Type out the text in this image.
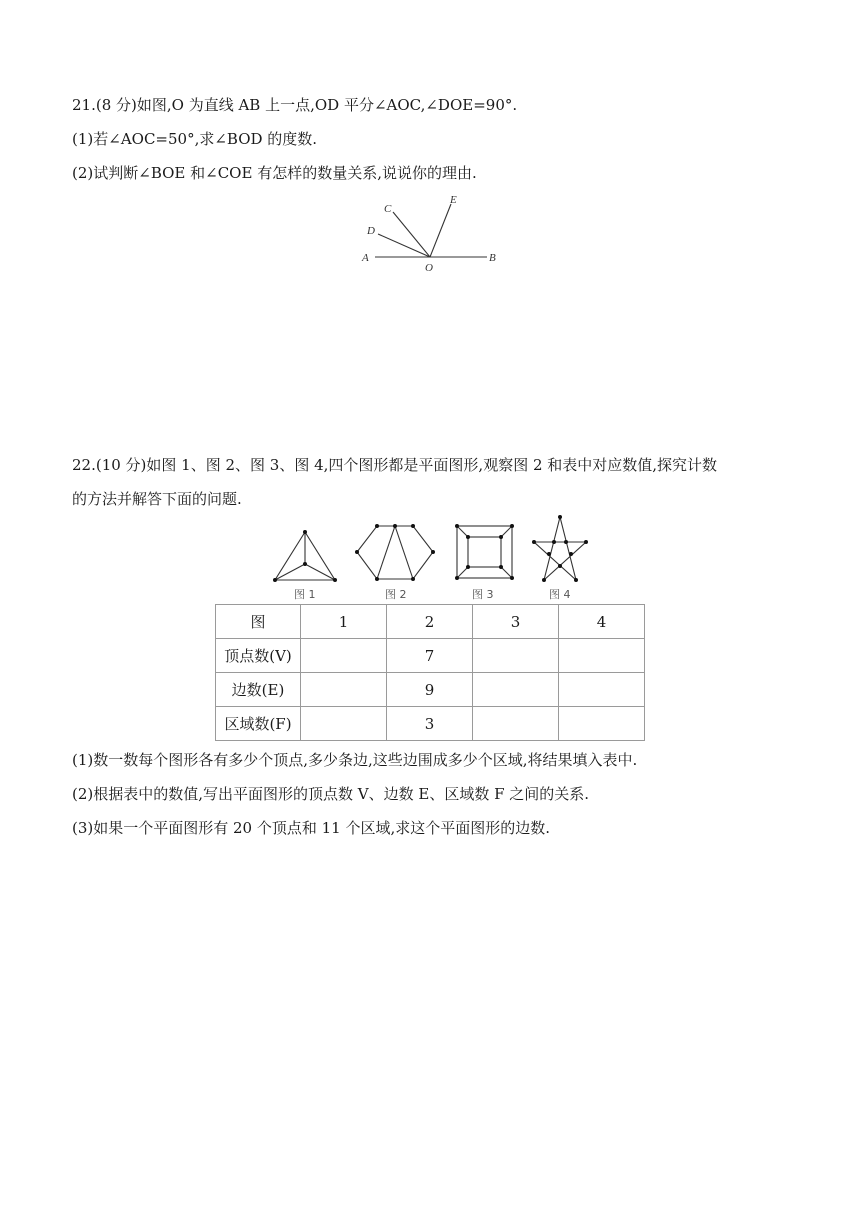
21.(8 分)如图,O 为直线 AB 上一点,OD 平分∠AOC,∠DOE=90°.
(1)若∠AOC=50°,求∠BOD 的度数.
(2)试判断∠BOE 和∠COE 有怎样的数量关系,说说你的理由.
A	B
C
D
E
O
22.(10 分)如图 1、图 2、图 3、图 4,四个图形都是平面图形,观察图 2 和表中对应数值,探究计数
的方法并解答下面的问题.
图 1	图 2	图 3	图 4
图	1	2	3	4
顶点数(V)		7		
边数(E)		9		
区域数(F)		3		
(1)数一数每个图形各有多少个顶点,多少条边,这些边围成多少个区域,将结果填入表中.
(2)根据表中的数值,写出平面图形的顶点数 V、边数 E、区域数 F 之间的关系.
(3)如果一个平面图形有 20 个顶点和 11 个区域,求这个平面图形的边数.
